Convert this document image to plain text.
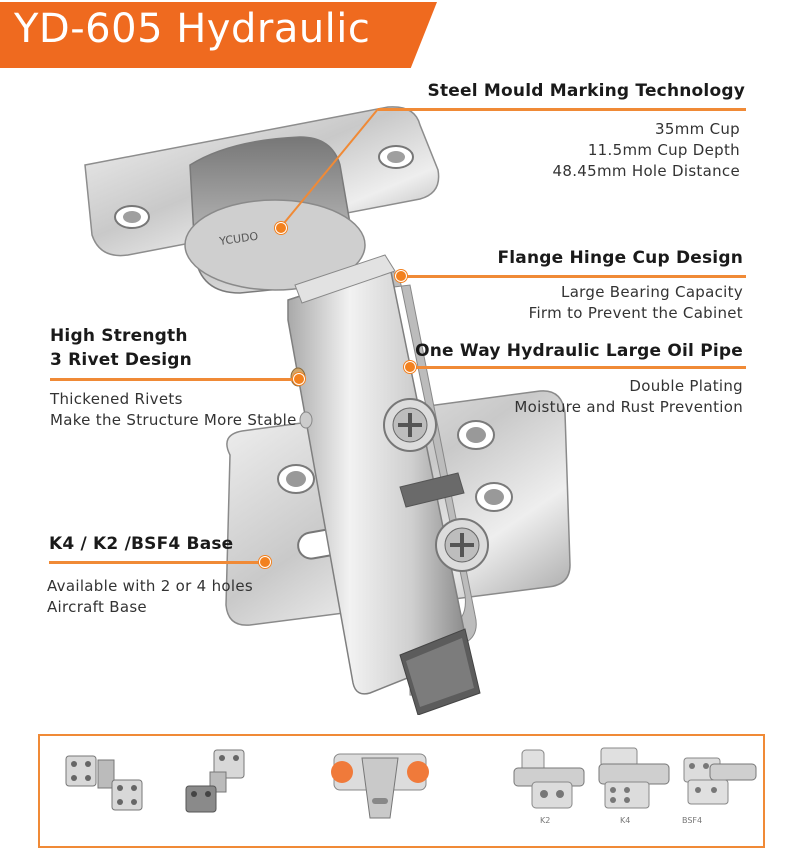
YD-605 Hydraulic
YCUDO
Steel Mould Marking Technology
35mm Cup
11.5mm Cup Depth
48.45mm Hole Distance
Flange Hinge Cup Design
Large Bearing Capacity
Firm to Prevent the Cabinet
One Way Hydraulic Large Oil Pipe
Double Plating
Moisture and Rust Prevention
High Strength
3 Rivet Design
Thickened Rivets
Make the Structure More Stable
K4 / K2 /BSF4 Base
Available with 2 or 4 holes
Aircraft Base
K2	K4	BSF4
